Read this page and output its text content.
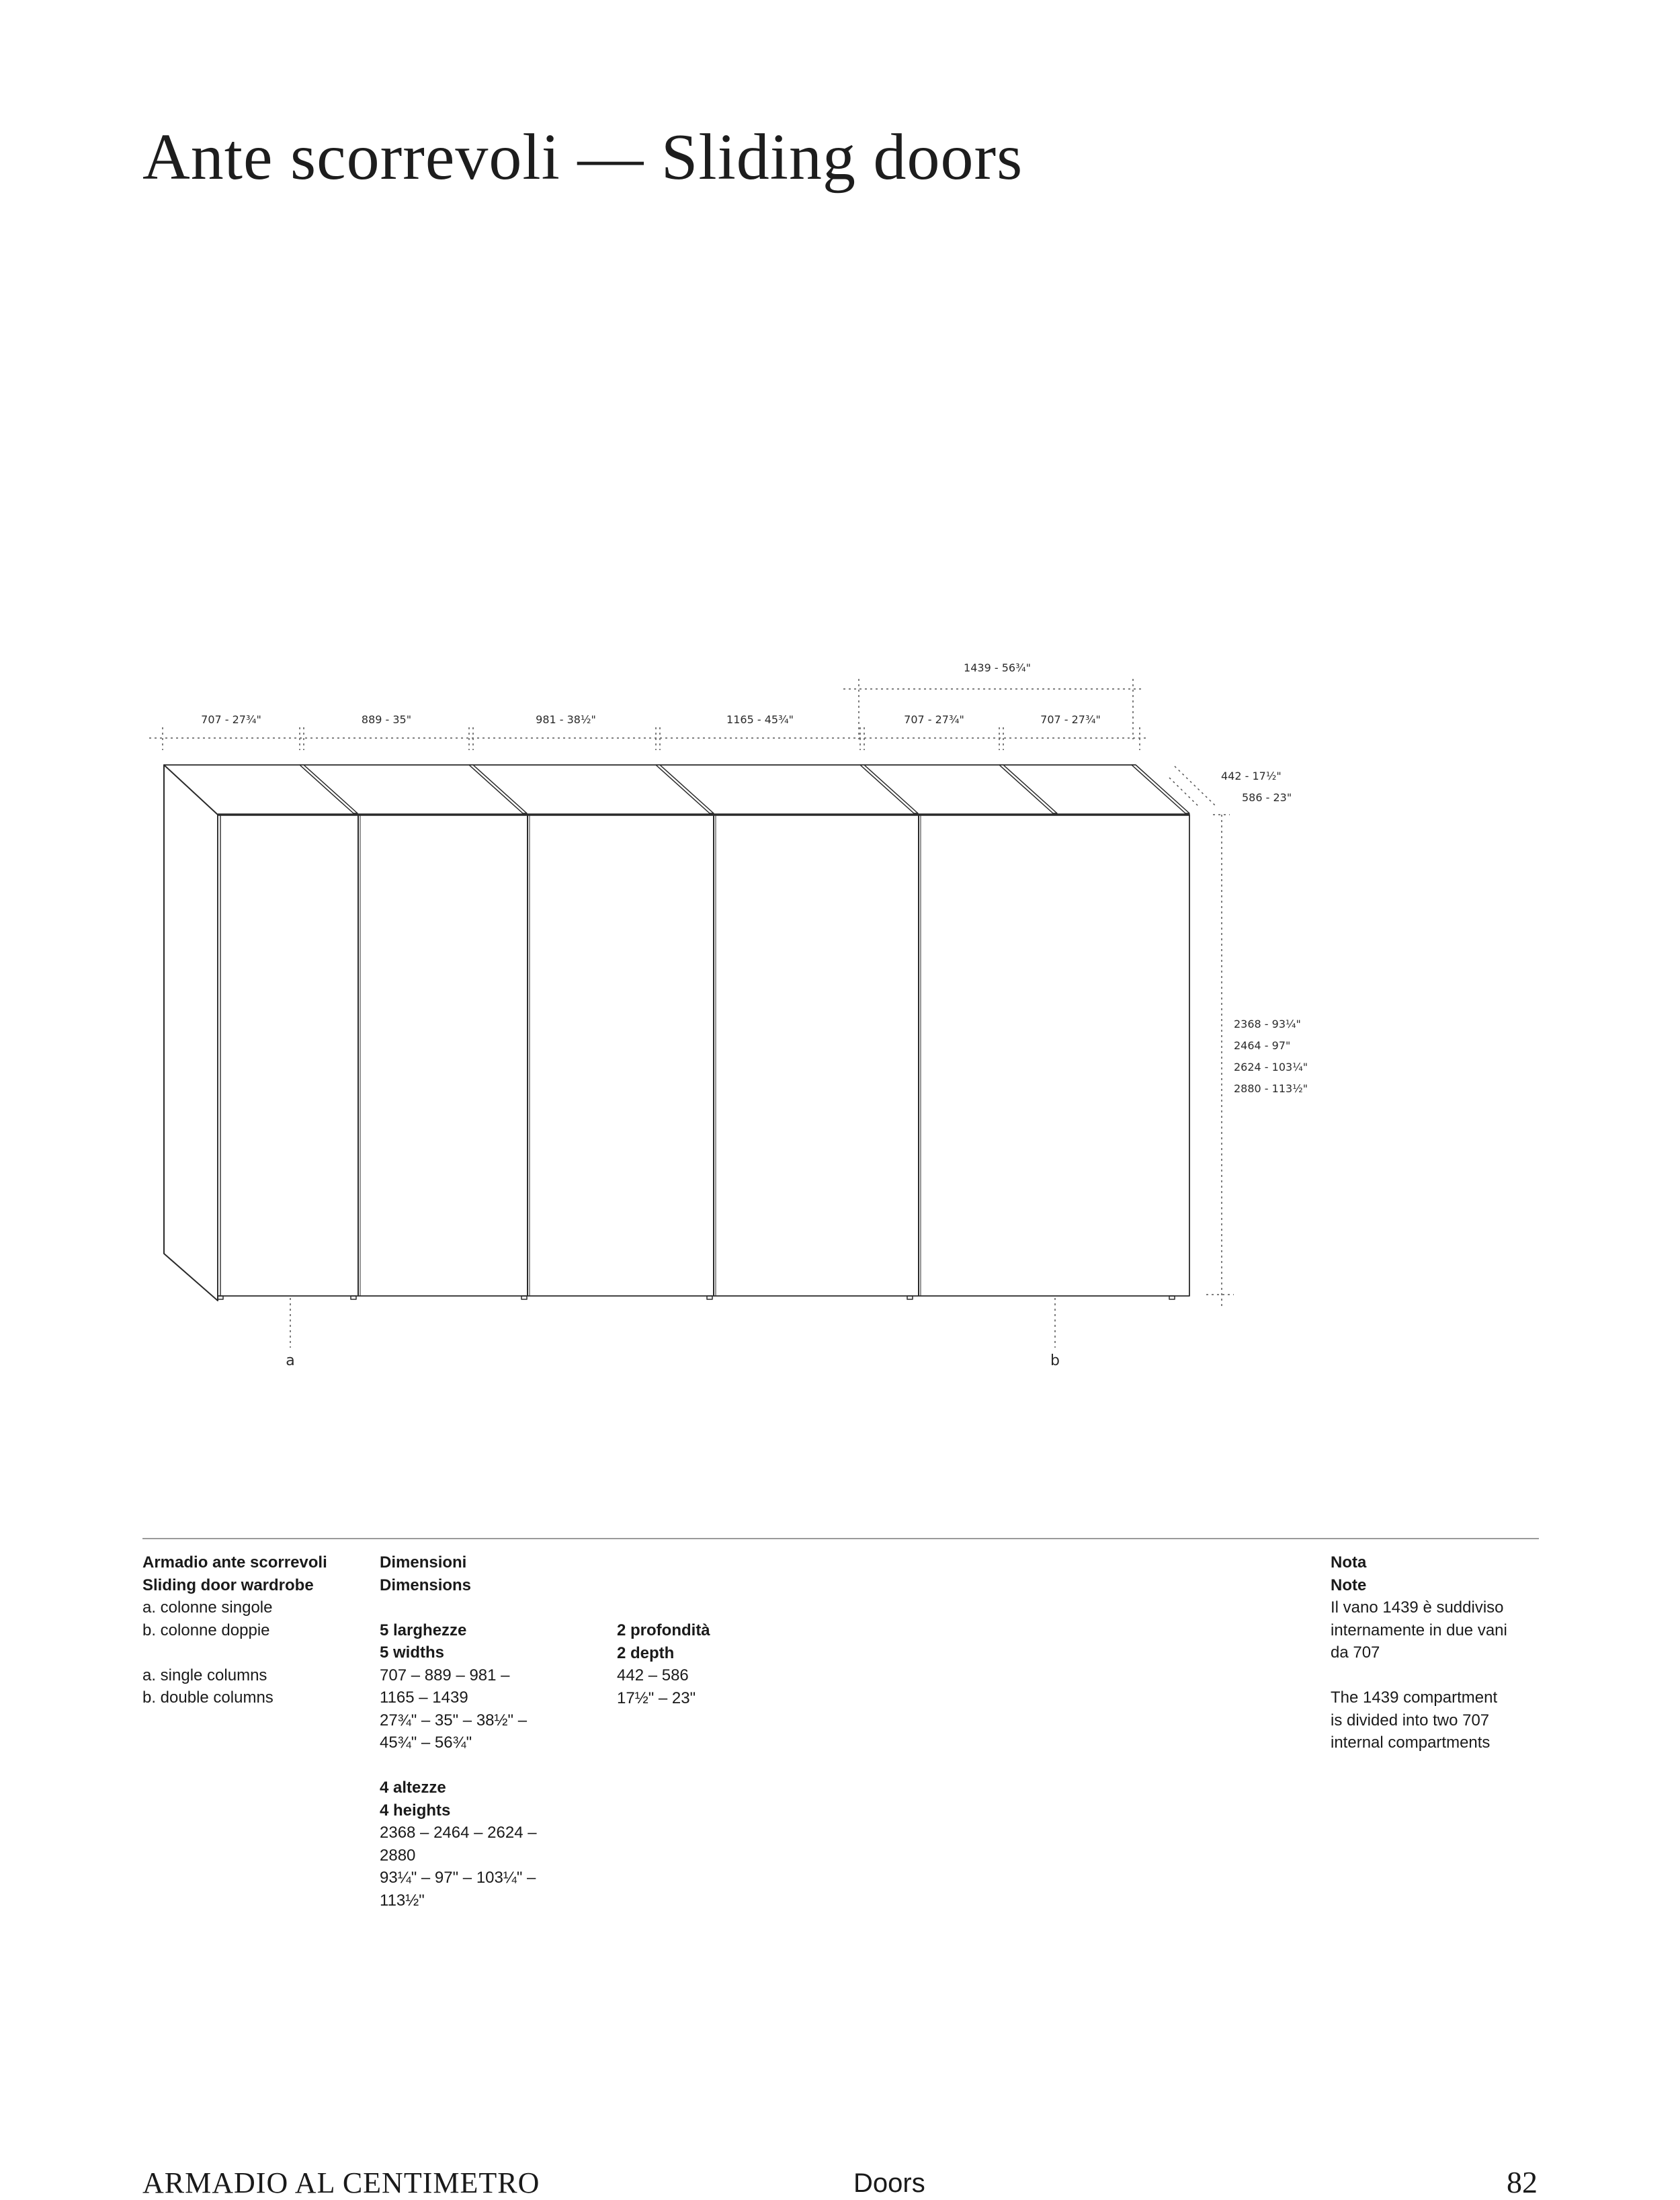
Ante scorrevoli — Sliding doors
1439 - 56¾"
707 - 27¾"	889 - 35"	981 - 38½"	1165 - 45¾"	707 - 27¾"	707 - 27¾"
442 - 17½"
586 - 23"
2368 - 93¼"
2464 - 97"
2624 - 103¼"
2880 - 113½"
a	b
Armadio ante scorrevoli
Sliding door wardrobe
a. colonne singole
b. colonne doppie
a. single columns
b. double columns
Dimensioni
Dimensions
5 larghezze
5 widths
707 – 889 – 981 –
1165 – 1439
27¾" – 35" – 38½" –
45¾" – 56¾"
4 altezze
4 heights
2368 – 2464 – 2624 –
2880
93¼" – 97" – 103¼" –
113½"
2 profondità
2 depth
442 – 586
17½" – 23"
Nota
Note
Il vano 1439 è suddiviso
internamente in due vani
da 707
The 1439 compartment
is divided into two 707
internal compartments

ARMADIO AL CENTIMETRO	Doors	82
